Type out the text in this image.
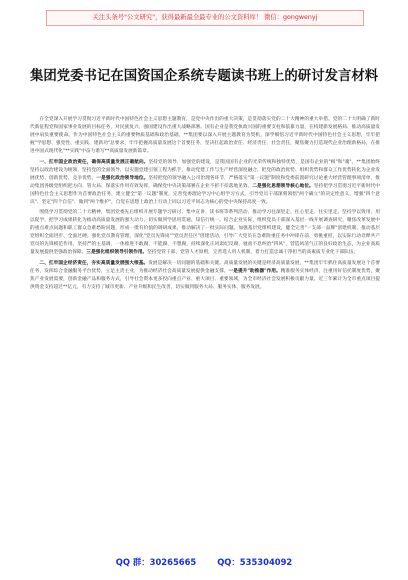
关注头条号"公文研究"，获得最新最全最专业的公文资料库！ 微信：gongwenyj
集团党委书记在国资国企系统专题读书班上的研讨发言材料

在全党深入开展学习贯彻习近平新时代中国特色社会主义思想主题教育，是党中央作出的重大决策，是贯彻落实党的二十大精神的重大举措。党的二十大明确了新时代新征程党和国家事业发展的目标任务，对民族复兴、强国建设作出重大战略部署。国有企业是我党执政兴国的重要支柱和依靠力量，在构建新发展格局、推动高质量发展中肩负重要使命。作为中国特色社会主义的重要物质基础和政治基础，**集团要以深入开展主题教育为契机，深学细悟习近平新时代中国特色社会主义思想，牢牢把握"学思想、强党性、重实践、建新功"总要求，牢牢把握高质量发展这个首要任务，坚决扛起政治责任、经济责任、社会责任，聚焦聚力打造现代企业治理新格局，在推进中国式现代化"**实践"中奋力谱写**高质量发展新篇章。

一、扛牢国企政治责任，确保高质量发展正确航向。坚持党的领导、加强党的建设，是我国国有企业的光荣传统和独特优势，是国有企业的"根"和"魂"。**集团始终坚持以政治建设为统领，坚持党的全面领导，以实施党建引领工程为抓手，推动党建工作与生产经营深度融合，把党的政治优势、组织优势和群众工作优势转化为企业发展优势、创新优势、竞争优势。一是强化政治领导地位。坚持把党的领导融入公司治理各环节，严格落实"第一议题"制度和党委前置研究讨论重大经营管理事项清单，推动集团各级党组织把方向、管大局、保落实作用有效发挥，确保党中央决策部署在企业不折不扣落地见效。二是强化思想领导核心地位。坚持把学习贯彻习近平新时代中国特色社会主义思想作为首要政治任务，建立健全"第一议题"制度，完善党委理论学习中心组学习方式，引导党员干部深刻领悟"两个确立"的决定性意义，增强"四个意识"、坚定"四个自信"、做到"两个维护"，自觉在思想上政治上行动上同以习近平同志为核心的党中央保持高度一致。

围绕学习贯彻党的二十大精神，集团党委先后组织开展专题学习研讨、集中宣讲、读书班等系列活动，推动学习往深里走、往心里走、往实里走。坚持学以致用、用以促学，把学习成果转化为推动高质量发展的强大动力，切实做到学思用贯通、知信行统一。结合企业实际，组织党员干部深入基层一线开展调查研究，聚焦改革发展中的重点难点问题和职工群众急难愁盼问题，形成一批有价值的调研成果，推动解决了一批实际问题。加强基层党组织建设，健全完善"一支部一品牌"创建机制，推动基层党组织全面进步、全面过硬。强化党员教育管理，深化"党员先锋岗""党员责任区"创建活动，引导广大党员在急难险重任务中冲锋在前、勇挑重担，以实际行动诠释共产党员的先锋模范作用。坚持严的主基调，一体推进不敢腐、不能腐、不想腐，持续深化正风肃纪反腐，驰而不息纠治"四风"，营造风清气正的良好政治生态，为企业高质量发展提供坚强政治保障。三是强化组织领导引领作用。坚持党管干部、党管人才原则，完善选人用人机制，着力打造忠诚干净担当的高素质专业化干部队伍。

二、扛牢国企经济责任，夯实高质量发展强大根基。发展是解决一切问题的基础和关键。高质量发展的关键是经济高质量发展，**集团牢牢抓住高质量发展这个首要任务，发挥综合金融服务平台优势，立足主责主业，为推动经济社会高质量发展提供金融支撑。一是提升"助推器"作用。精准服务实体经济，注重用好信托制度优势，聚焦产业发展需要，创新金融产品和服务方式，引导社会资本更多投向重点产业、重大项目、重要领域，为全市经济社会发展积极贡献力量。近三年累计为全市重点项目提供资金支持超过**亿元，有力支持了城市更新、产业升级和民生改善，切实做到服务大局、服务实体、服务发展。

QQ 群：30265665 QQ：535304092
